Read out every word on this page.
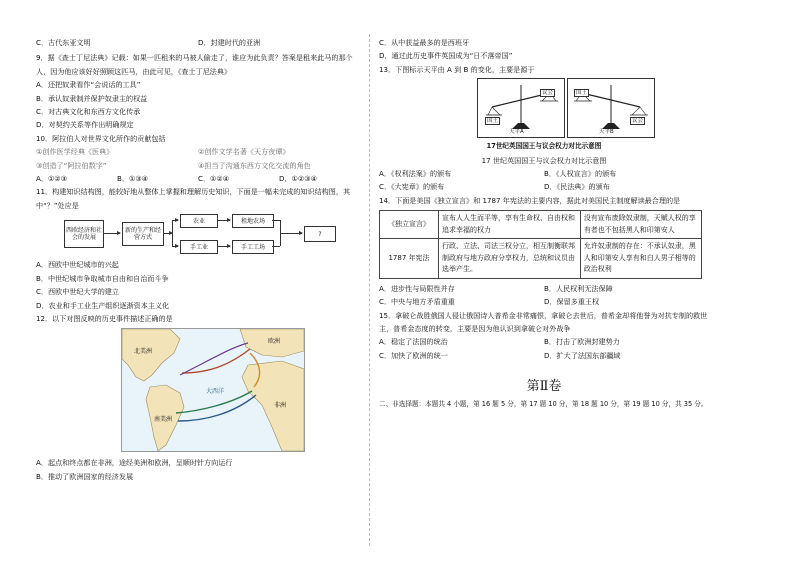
C．古代东亚文明	D．封建时代的亚洲
9．据《查士丁尼法典》记载：如果一匹租来的马被人偷走了，谁应为此负责？答案是租来此马的那个人，因为他应该好好照顾这匹马，由此可见，《查士丁尼法典》
A．还把奴隶看作“会说话的工具”
B．承认奴隶制并保护奴隶主的权益
C．对古典文化和东西方文化传承
D．对契约关系等作出明确规定
10．阿拉伯人对世界文化所作的贡献包括
①创作医学经典《医典》	②创作文学名著《天方夜谭》
③创造了“阿拉伯数字”	④担当了沟通东西方文化交流的角色
A．①②③	B．①③④	C．①②④	D．①②③④
11．构建知识结构图，能较好地从整体上掌握和理解历史知识，下面是一幅未完成的知识结构图，其中“？”处应是
西欧经济和社会的发展
新的生产和经营方式
农业
手工业
租地农场
手工工场
?
A．西欧中世纪城市的兴起
B．中世纪城市争取城市自由和自治而斗争
C．西欧中世纪大学的建立
D．农业和手工业生产组织逐渐资本主义化
12．以下对图反映的历史事件描述正确的是
北美洲
南美洲
大西洋
欧洲
非洲
A．起点和终点都在非洲，途经美洲和欧洲，呈顺时针方向运行
B．推动了欧洲国家的经济发展
C．从中获益最多的是西班牙
D．通过此历史事件英国成为“日不落帝国”
13．下图标示天平由 A 到 B 的变化，主要是源于
国王
议会
天平A
国王
议会
天平B
17世纪英国国王与议会权力对比示意图
17 世纪英国国王与议会权力对比示意图
A．《权利法案》的颁布	B．《人权宣言》的颁布
C．《大宪章》的颁布	D．《民法典》的颁布
14．下面是美国《独立宣言》和 1787 年宪法的主要内容，据此对美国民主制度解读最合理的是
《独立宣言》	宣布人人生而平等，享有生命权、自由权和追求幸福的权力	没有宣布废除奴隶制，天赋人权的享有者也不包括黑人和印第安人
1787 年宪法	行政、立法、司法三权分立，相互制衡联邦制政府与地方政府分享权力，总统和议员由选举产生。	允许奴隶制的存在：不承认奴隶，黑人和印第安人享有和白人男子相等的政治权利
A．进步性与局限性并存	B．人民权利无法保障
C．中央与地方矛盾重重	D．保留多重王权
15．拿破仑战胜俄国人侵让俄国诗人普希金非常痛恨，拿破仑去世后，普希金却将他誉为对抗专制的救世主，普希金态度的转变，主要是因为他认识到拿破仑对外战争
A．稳定了法国的统治	B．打击了欧洲封建势力
C．加快了欧洲的统一	D．扩大了法国东部疆域
第Ⅱ卷
二、非选择题：本题共 4 小题，第 16 题 5 分，第 17 题 10 分，第 18 题 10 分，第 19 题 10 分，共 35 分。
